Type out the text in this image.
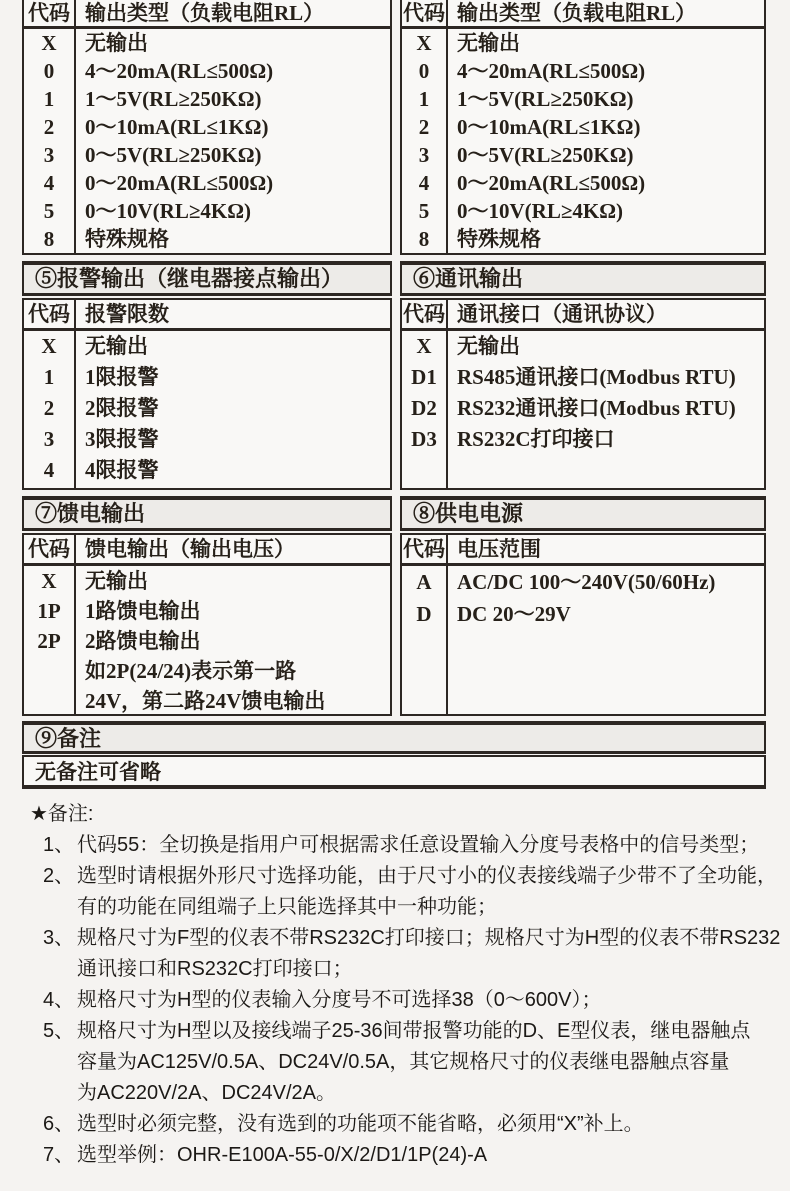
代码 输出类型（负载电阻RL）
X	无输出
0	4～20mA(RL≤500Ω)
1	1～5V(RL≥250KΩ)
2	0～10mA(RL≤1KΩ)
3	0～5V(RL≥250KΩ)
4	0～20mA(RL≤500Ω)
5	0～10V(RL≥4KΩ)
8	特殊规格
代码 输出类型（负载电阻RL）
X	无输出
0	4～20mA(RL≤500Ω)
1	1～5V(RL≥250KΩ)
2	0～10mA(RL≤1KΩ)
3	0～5V(RL≥250KΩ)
4	0～20mA(RL≤500Ω)
5	0～10V(RL≥4KΩ)
8	特殊规格
⑤报警输出（继电器接点输出）	⑥通讯输出
代码 报警限数
X	无输出
1	1限报警
2	2限报警
3	3限报警
4	4限报警
代码 通讯接口（通讯协议）
X	无输出
D1 RS485通讯接口(Modbus RTU)
D2 RS232通讯接口(Modbus RTU)
D3 RS232C打印接口
⑦馈电输出	⑧供电电源
代码 馈电输出（输出电压）
X	无输出
1P	1路馈电输出
2P	2路馈电输出
如2P(24/24)表示第一路
24V，第二路24V馈电输出
代码 电压范围
A	AC/DC 100～240V(50/60Hz)
D	DC 20～29V
⑨备注
无备注可省略
★备注:
1、 代码55：全切换是指用户可根据需求任意设置输入分度号表格中的信号类型；
2、 选型时请根据外形尺寸选择功能，由于尺寸小的仪表接线端子少带不了全功能，
有的功能在同组端子上只能选择其中一种功能；
3、 规格尺寸为F型的仪表不带RS232C打印接口；规格尺寸为H型的仪表不带RS232
通讯接口和RS232C打印接口；
4、 规格尺寸为H型的仪表输入分度号不可选择38（0～600V）；
5、 规格尺寸为H型以及接线端子25-36间带报警功能的D、E型仪表，继电器触点
容量为AC125V/0.5A、DC24V/0.5A，其它规格尺寸的仪表继电器触点容量
为AC220V/2A、DC24V/2A。
6、 选型时必须完整，没有选到的功能项不能省略，必须用“X”补上。
7、 选型举例：OHR-E100A-55-0/X/2/D1/1P(24)-A
